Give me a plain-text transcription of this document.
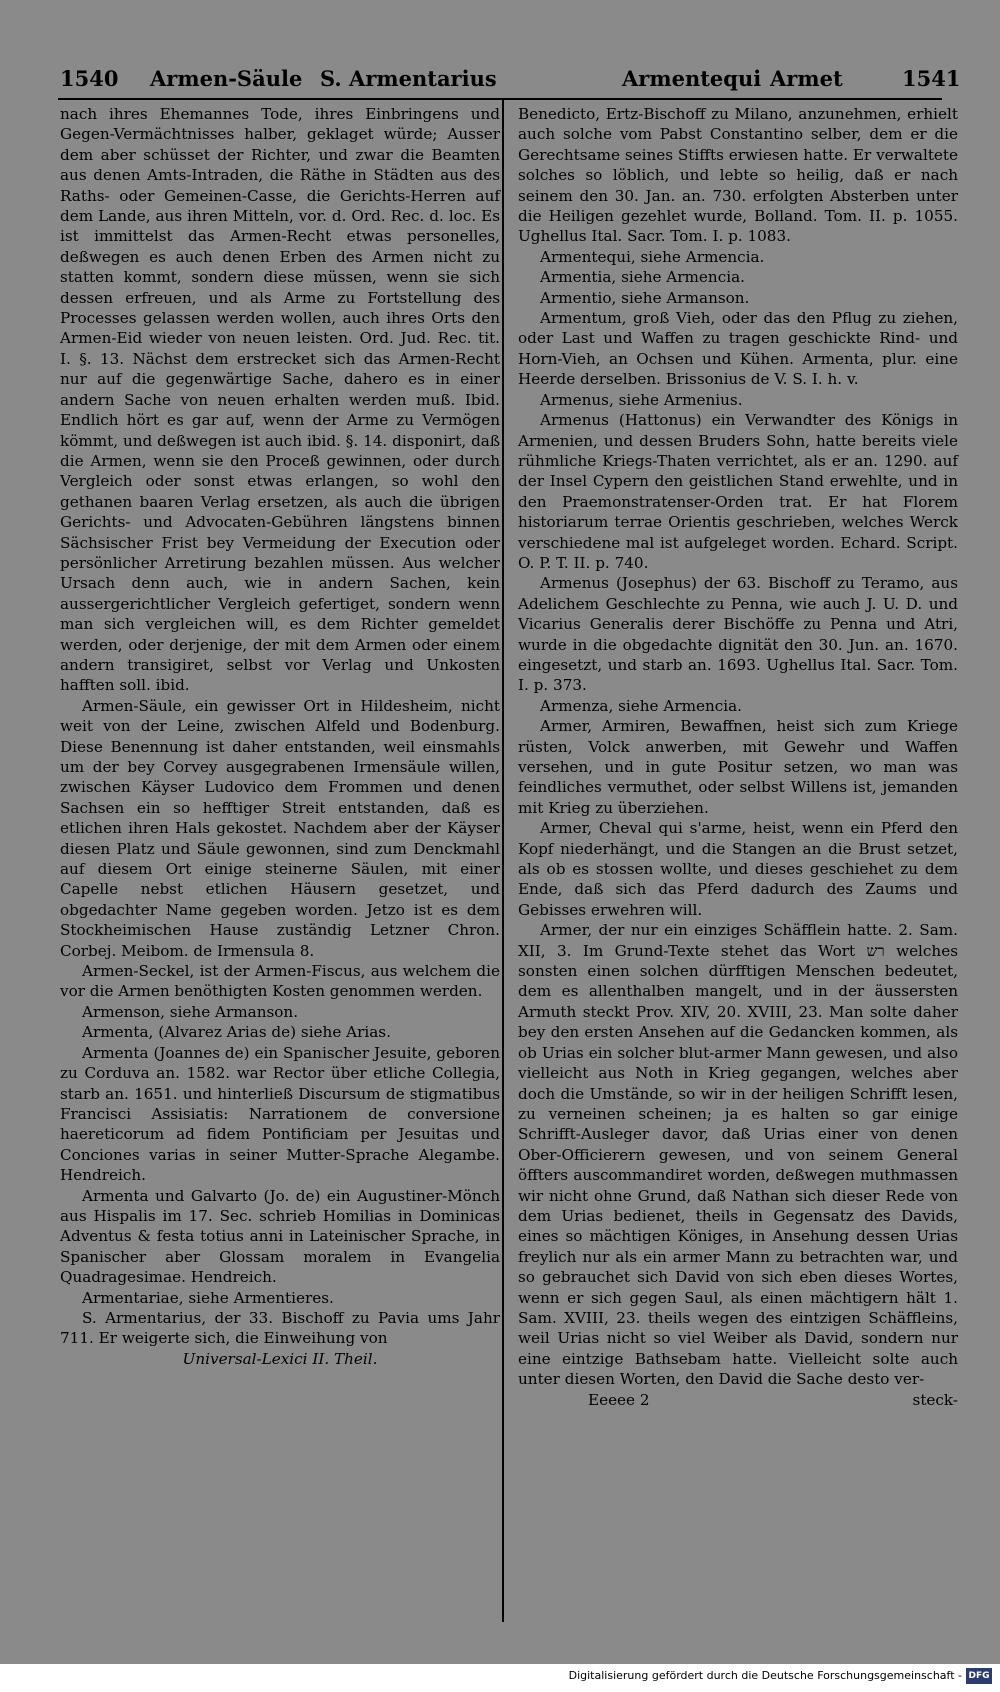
1540 Armen-Säule S. Armentarius	Armentequi Armet	1541

nach ihres Ehemannes Tode, ihres Einbringens und Gegen-Vermächtnisses halber, geklaget würde; Ausser dem aber schüsset der Richter, und zwar die Beamten aus denen Amts-Intraden, die Räthe in Städten aus des Raths- oder Gemeinen-Casse, die Gerichts-Herren auf dem Lande, aus ihren Mitteln, vor. d. Ord. Rec. d. loc. Es ist immittelst das Armen-Recht etwas personelles, deßwegen es auch denen Erben des Armen nicht zu statten kommt, sondern diese müssen, wenn sie sich dessen erfreuen, und als Arme zu Fortstellung des Processes gelassen werden wollen, auch ihres Orts den Armen-Eid wieder von neuen leisten. Ord. Jud. Rec. tit. I. §. 13. Nächst dem erstrecket sich das Armen-Recht nur auf die gegenwärtige Sache, dahero es in einer andern Sache von neuen erhalten werden muß. Ibid. Endlich hört es gar auf, wenn der Arme zu Vermögen kömmt, und deßwegen ist auch ibid. §. 14. disponirt, daß die Armen, wenn sie den Proceß gewinnen, oder durch Vergleich oder sonst etwas erlangen, so wohl den gethanen baaren Verlag ersetzen, als auch die übrigen Gerichts- und Advocaten-Gebühren längstens binnen Sächsischer Frist bey Vermeidung der Execution oder persönlicher Arretirung bezahlen müssen. Aus welcher Ursach denn auch, wie in andern Sachen, kein aussergerichtlicher Vergleich gefertiget, sondern wenn man sich vergleichen will, es dem Richter gemeldet werden, oder derjenige, der mit dem Armen oder einem andern transigiret, selbst vor Verlag und Unkosten hafften soll. ibid.

Armen-Säule, ein gewisser Ort in Hildesheim, nicht weit von der Leine, zwischen Alfeld und Bodenburg. Diese Benennung ist daher entstanden, weil einsmahls um der bey Corvey ausgegrabenen Irmensäule willen, zwischen Käyser Ludovico dem Frommen und denen Sachsen ein so hefftiger Streit entstanden, daß es etlichen ihren Hals gekostet. Nachdem aber der Käyser diesen Platz und Säule gewonnen, sind zum Denckmahl auf diesem Ort einige steinerne Säulen, mit einer Capelle nebst etlichen Häusern gesetzet, und obgedachter Name gegeben worden. Jetzo ist es dem Stockheimischen Hause zuständig Letzner Chron. Corbej. Meibom. de Irmensula 8.

Armen-Seckel, ist der Armen-Fiscus, aus welchem die vor die Armen benöthigten Kosten genommen werden.

Armenson, siehe Armanson.

Armenta, (Alvarez Arias de) siehe Arias.

Armenta (Joannes de) ein Spanischer Jesuite, geboren zu Corduva an. 1582. war Rector über etliche Collegia, starb an. 1651. und hinterließ Discursum de stigmatibus Francisci Assisiatis: Narrationem de conversione haereticorum ad fidem Pontificiam per Jesuitas und Conciones varias in seiner Mutter-Sprache Alegambe. Hendreich.

Armenta und Galvarto (Jo. de) ein Augustiner-Mönch aus Hispalis im 17. Sec. schrieb Homilias in Dominicas Adventus & festa totius anni in Lateinischer Sprache, in Spanischer aber Glossam moralem in Evangelia Quadragesimae. Hendreich.

Armentariae, siehe Armentieres.

S. Armentarius, der 33. Bischoff zu Pavia ums Jahr 711. Er weigerte sich, die Einweihung von

Universal-Lexici II. Theil.

Benedicto, Ertz-Bischoff zu Milano, anzunehmen, erhielt auch solche vom Pabst Constantino selber, dem er die Gerechtsame seines Stiffts erwiesen hatte. Er verwaltete solches so löblich, und lebte so heilig, daß er nach seinem den 30. Jan. an. 730. erfolgten Absterben unter die Heiligen gezehlet wurde, Bolland. Tom. II. p. 1055. Ughellus Ital. Sacr. Tom. I. p. 1083.

Armentequi, siehe Armencia.

Armentia, siehe Armencia.

Armentio, siehe Armanson.

Armentum, groß Vieh, oder das den Pflug zu ziehen, oder Last und Waffen zu tragen geschickte Rind- und Horn-Vieh, an Ochsen und Kühen. Armenta, plur. eine Heerde derselben. Brissonius de V. S. I. h. v.

Armenus, siehe Armenius.

Armenus (Hattonus) ein Verwandter des Königs in Armenien, und dessen Bruders Sohn, hatte bereits viele rühmliche Kriegs-Thaten verrichtet, als er an. 1290. auf der Insel Cypern den geistlichen Stand erwehlte, und in den Praemonstratenser-Orden trat. Er hat Florem historiarum terrae Orientis geschrieben, welches Werck verschiedene mal ist aufgeleget worden. Echard. Script. O. P. T. II. p. 740.

Armenus (Josephus) der 63. Bischoff zu Teramo, aus Adelichem Geschlechte zu Penna, wie auch J. U. D. und Vicarius Generalis derer Bischöffe zu Penna und Atri, wurde in die obgedachte dignität den 30. Jun. an. 1670. eingesetzt, und starb an. 1693. Ughellus Ital. Sacr. Tom. I. p. 373.

Armenza, siehe Armencia.

Armer, Armiren, Bewaffnen, heist sich zum Kriege rüsten, Volck anwerben, mit Gewehr und Waffen versehen, und in gute Positur setzen, wo man was feindliches vermuthet, oder selbst Willens ist, jemanden mit Krieg zu überziehen.

Armer, Cheval qui s'arme, heist, wenn ein Pferd den Kopf niederhängt, und die Stangen an die Brust setzet, als ob es stossen wollte, und dieses geschiehet zu dem Ende, daß sich das Pferd dadurch des Zaums und Gebisses erwehren will.

Armer, der nur ein einziges Schäfflein hatte. 2. Sam. XII, 3. Im Grund-Texte stehet das Wort רש welches sonsten einen solchen dürfftigen Menschen bedeutet, dem es allenthalben mangelt, und in der äussersten Armuth steckt Prov. XIV, 20. XVIII, 23. Man solte daher bey den ersten Ansehen auf die Gedancken kommen, als ob Urias ein solcher blut-armer Mann gewesen, und also vielleicht aus Noth in Krieg gegangen, welches aber doch die Umstände, so wir in der heiligen Schrifft lesen, zu verneinen scheinen; ja es halten so gar einige Schrifft-Ausleger davor, daß Urias einer von denen Ober-Officierern gewesen, und von seinem General öffters auscommandiret worden, deßwegen muthmassen wir nicht ohne Grund, daß Nathan sich dieser Rede von dem Urias bedienet, theils in Gegensatz des Davids, eines so mächtigen Königes, in Ansehung dessen Urias freylich nur als ein armer Mann zu betrachten war, und so gebrauchet sich David von sich eben dieses Wortes, wenn er sich gegen Saul, als einen mächtigern hält 1. Sam. XVIII, 23. theils wegen des eintzigen Schäffleins, weil Urias nicht so viel Weiber als David, sondern nur eine eintzige Bathsebam hatte. Vielleicht solte auch unter diesen Worten, den David die Sache desto ver-

Eeeee 2	steck-

Digitalisierung gefördert durch die Deutsche Forschungsgemeinschaft - DFG
